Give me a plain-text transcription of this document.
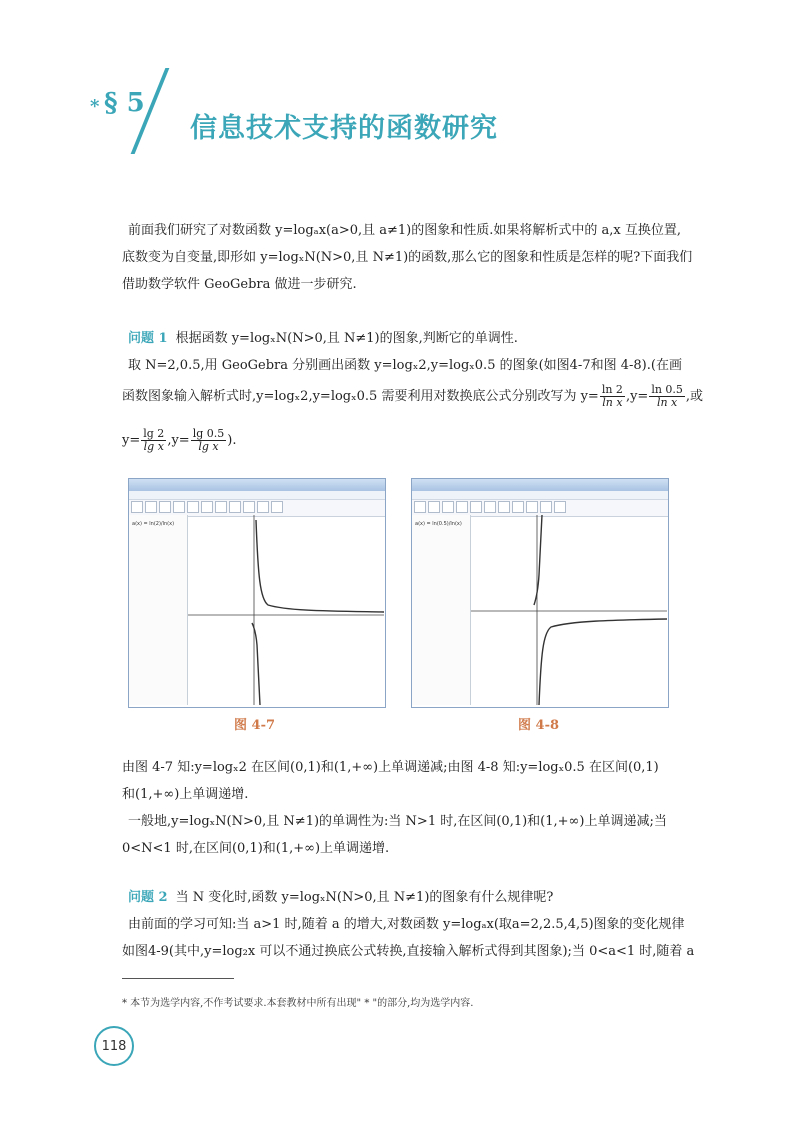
* § 5
信息技术支持的函数研究
前面我们研究了对数函数 y=logₐx(a>0,且 a≠1)的图象和性质.如果将解析式中的 a,x 互换位置,
底数变为自变量,即形如 y=logₓN(N>0,且 N≠1)的函数,那么它的图象和性质是怎样的呢?下面我们
借助数学软件 GeoGebra 做进一步研究.
问题 1 根据函数 y=logₓN(N>0,且 N≠1)的图象,判断它的单调性.
取 N=2,0.5,用 GeoGebra 分别画出函数 y=logₓ2,y=logₓ0.5 的图象(如图4-7和图 4-8).(在画
函数图象输入解析式时,y=logₓ2,y=logₓ0.5 需要利用对数换底公式分别改写为 $y= \frac{\ln 2}{\text{ln x}} ,y= \frac{\ln 0.5}{\text{ln x}}$ ,或
$y= \frac{\lg 2}{\text{lg x}} ,y= \frac{\lg 0.5}{\text{lg x}}$ ).
a(x) = ln(2)/ln(x)
图 4-7
a(x) = ln(0.5)/ln(x)
图 4-8
由图 4-7 知:y=logₓ2 在区间(0,1)和(1,+∞)上单调递减;由图 4-8 知:y=logₓ0.5 在区间(0,1)
和(1,+∞)上单调递增.
一般地,y=logₓN(N>0,且 N≠1)的单调性为:当 N>1 时,在区间(0,1)和(1,+∞)上单调递减;当
0<N<1 时,在区间(0,1)和(1,+∞)上单调递增.
问题 2 当 N 变化时,函数 y=logₓN(N>0,且 N≠1)的图象有什么规律呢?
由前面的学习可知:当 a>1 时,随着 a 的增大,对数函数 y=logₐx(取a=2,2.5,4,5)图象的变化规律
如图4-9(其中,y=log₂x 可以不通过换底公式转换,直接输入解析式得到其图象);当 0<a<1 时,随着 a
* 本节为选学内容,不作考试要求.本套教材中所有出现" * "的部分,均为选学内容.
118
